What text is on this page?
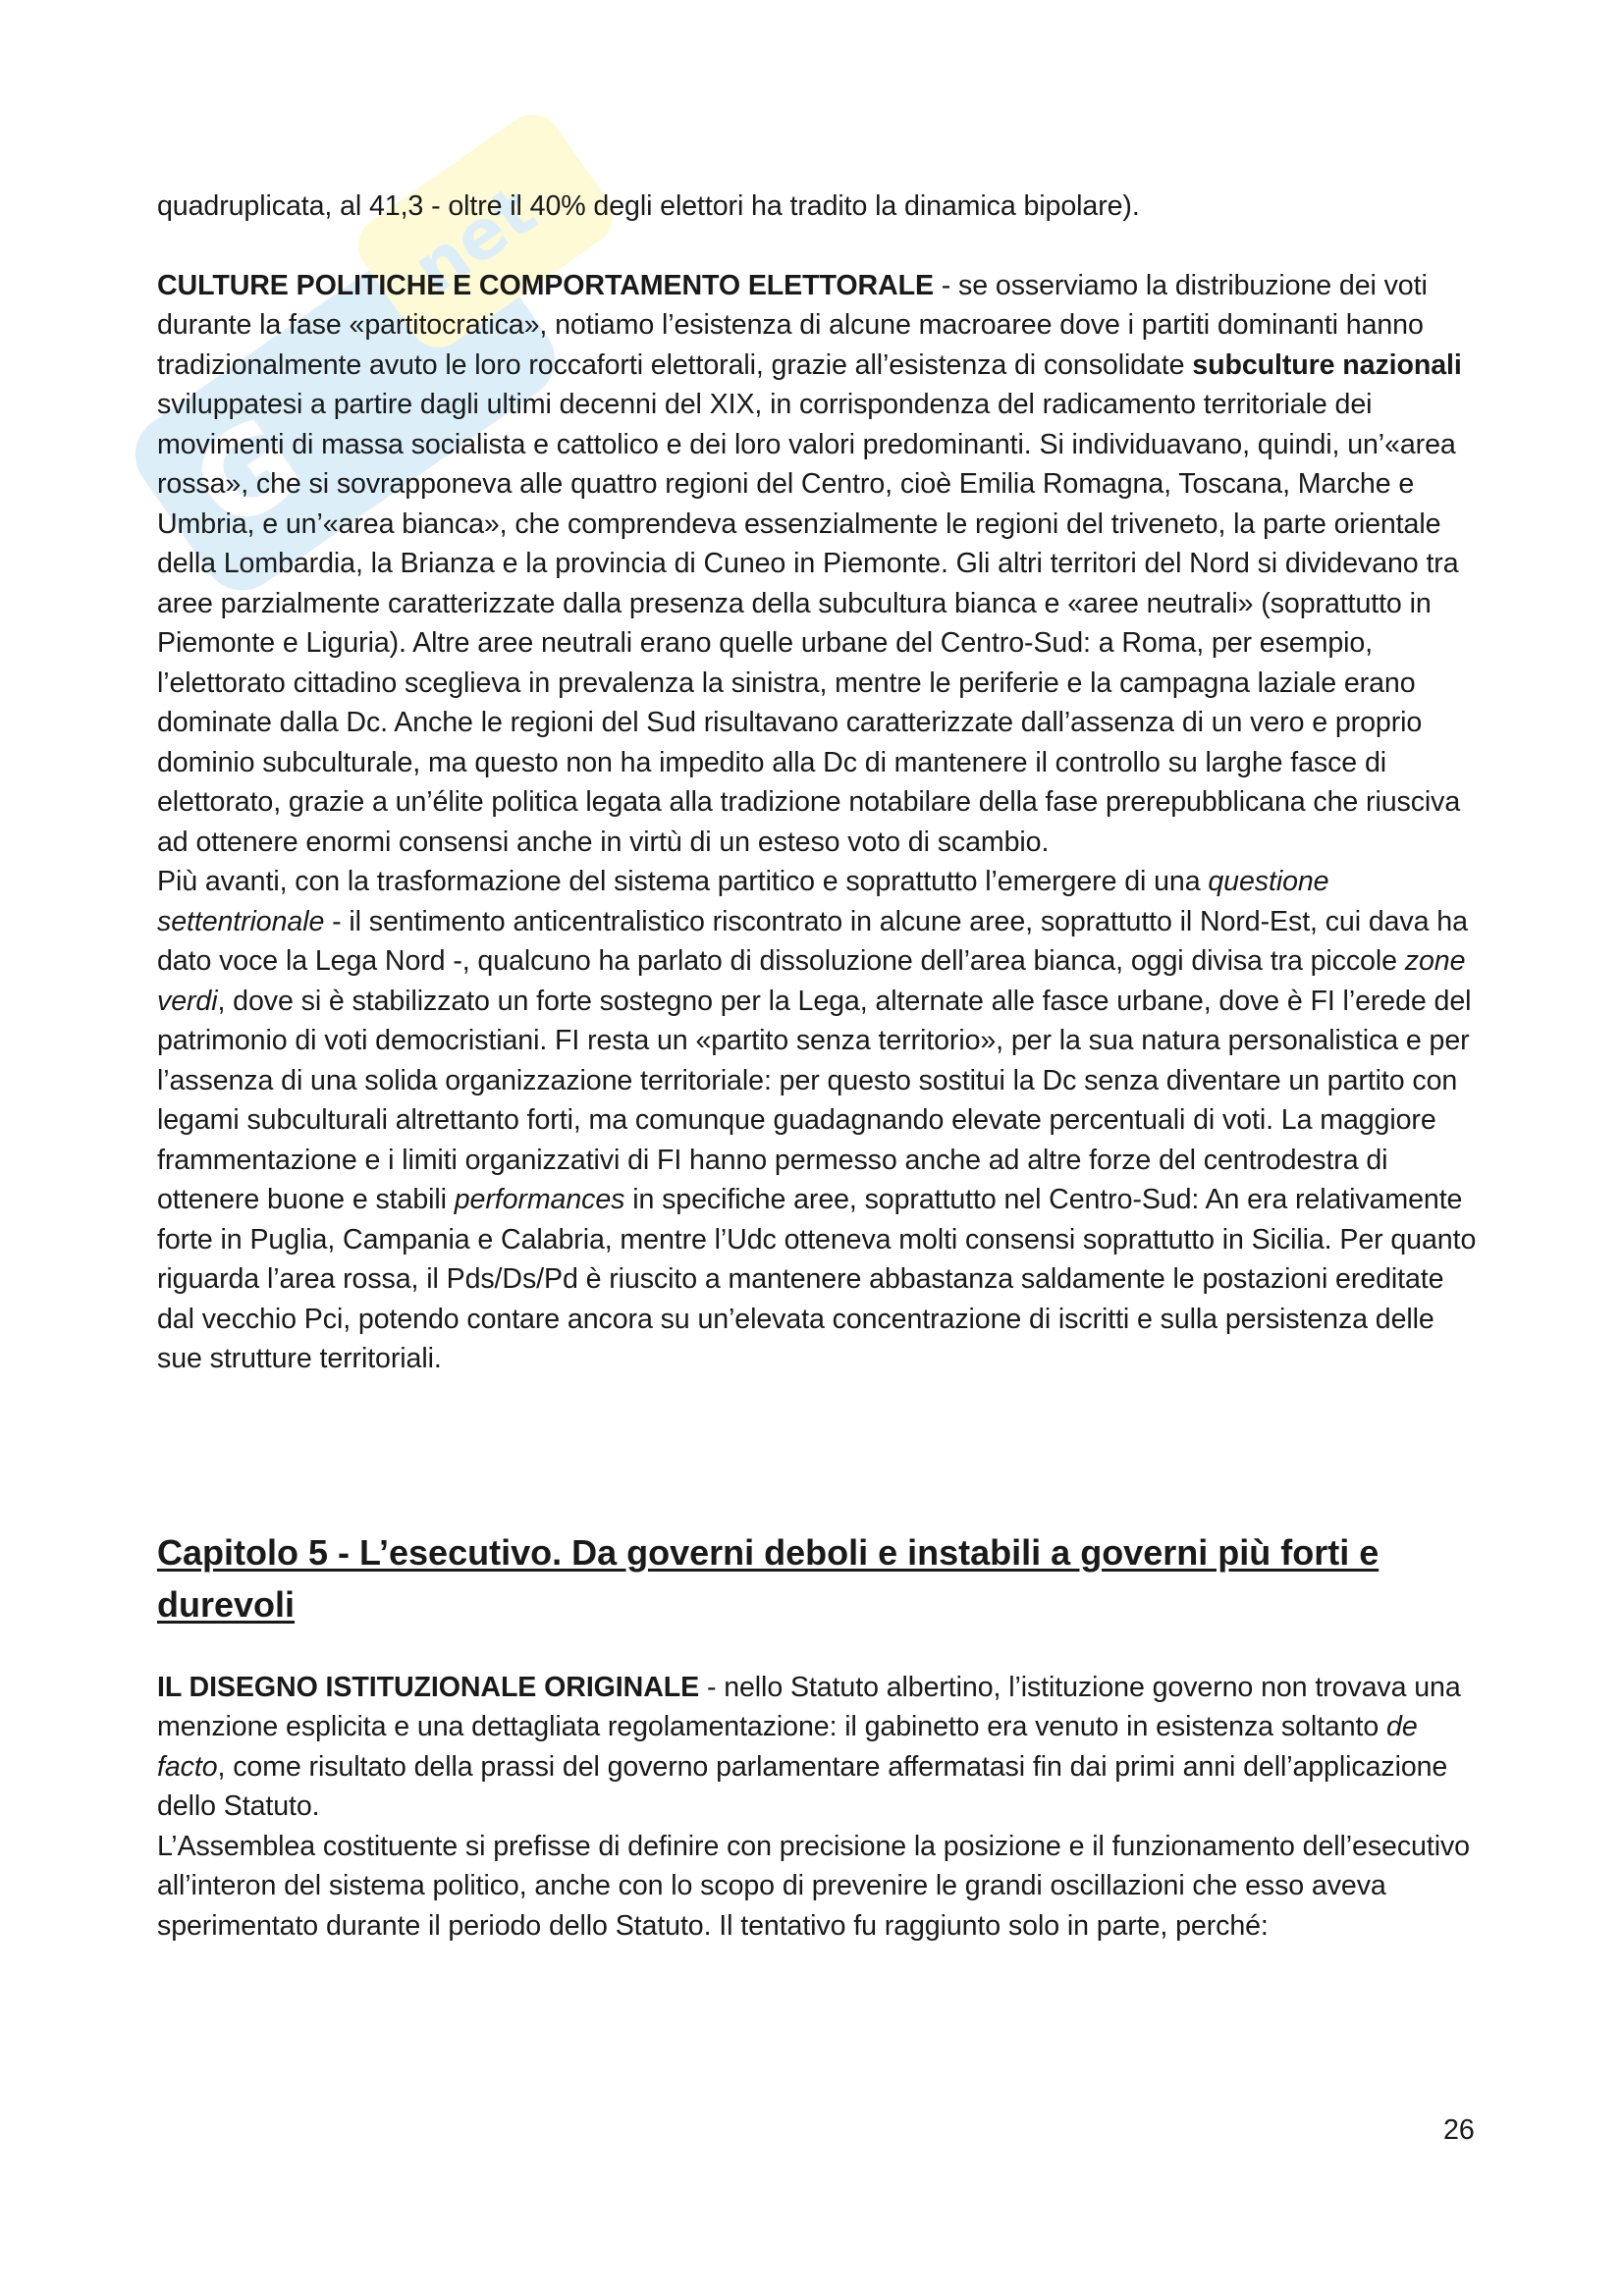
G
net

quadruplicata, al 41,3 - oltre il 40% degli elettori ha tradito la dinamica bipolare).

CULTURE POLITICHE E COMPORTAMENTO ELETTORALE - se osserviamo la distribuzione dei voti durante la fase «partitocratica», notiamo l’esistenza di alcune macroaree dove i partiti dominanti hanno tradizionalmente avuto le loro roccaforti elettorali, grazie all’esistenza di consolidate subculture nazionali sviluppatesi a partire dagli ultimi decenni del XIX, in corrispondenza del radicamento territoriale dei movimenti di massa socialista e cattolico e dei loro valori predominanti. Si individuavano, quindi, un’«area rossa», che si sovrapponeva alle quattro regioni del Centro, cioè Emilia Romagna, Toscana, Marche e Umbria, e un’«area bianca», che comprendeva essenzialmente le regioni del triveneto, la parte orientale della Lombardia, la Brianza e la provincia di Cuneo in Piemonte. Gli altri territori del Nord si dividevano tra aree parzialmente caratterizzate dalla presenza della subcultura bianca e «aree neutrali» (soprattutto in Piemonte e Liguria). Altre aree neutrali erano quelle urbane del Centro-Sud: a Roma, per esempio, l’elettorato cittadino sceglieva in prevalenza la sinistra, mentre le periferie e la campagna laziale erano dominate dalla Dc. Anche le regioni del Sud risultavano caratterizzate dall’assenza di un vero e proprio dominio subculturale, ma questo non ha impedito alla Dc di mantenere il controllo su larghe fasce di elettorato, grazie a un’élite politica legata alla tradizione notabilare della fase prerepubblicana che riusciva ad ottenere enormi consensi anche in virtù di un esteso voto di scambio.

Più avanti, con la trasformazione del sistema partitico e soprattutto l’emergere di una questione settentrionale - il sentimento anticentralistico riscontrato in alcune aree, soprattutto il Nord-Est, cui dava ha dato voce la Lega Nord -, qualcuno ha parlato di dissoluzione dell’area bianca, oggi divisa tra piccole zone verdi, dove si è stabilizzato un forte sostegno per la Lega, alternate alle fasce urbane, dove è FI l’erede del patrimonio di voti democristiani. FI resta un «partito senza territorio», per la sua natura personalistica e per l’assenza di una solida organizzazione territoriale: per questo sostitui la Dc senza diventare un partito con legami subculturali altrettanto forti, ma comunque guadagnando elevate percentuali di voti. La maggiore frammentazione e i limiti organizzativi di FI hanno permesso anche ad altre forze del centrodestra di ottenere buone e stabili performances in specifiche aree, soprattutto nel Centro-Sud: An era relativamente forte in Puglia, Campania e Calabria, mentre l’Udc otteneva molti consensi soprattutto in Sicilia. Per quanto riguarda l’area rossa, il Pds/Ds/Pd è riuscito a mantenere abbastanza saldamente le postazioni ereditate dal vecchio Pci, potendo contare ancora su un’elevata concentrazione di iscritti e sulla persistenza delle sue strutture territoriali.

Capitolo 5 - L’esecutivo. Da governi deboli e instabili a governi più forti e durevoli

IL DISEGNO ISTITUZIONALE ORIGINALE - nello Statuto albertino, l’istituzione governo non trovava una menzione esplicita e una dettagliata regolamentazione: il gabinetto era venuto in esistenza soltanto de facto, come risultato della prassi del governo parlamentare affermatasi fin dai primi anni dell’applicazione dello Statuto.

L’Assemblea costituente si prefisse di definire con precisione la posizione e il funzionamento dell’esecutivo all’interon del sistema politico, anche con lo scopo di prevenire le grandi oscillazioni che esso aveva sperimentato durante il periodo dello Statuto. Il tentativo fu raggiunto solo in parte, perché:

26
